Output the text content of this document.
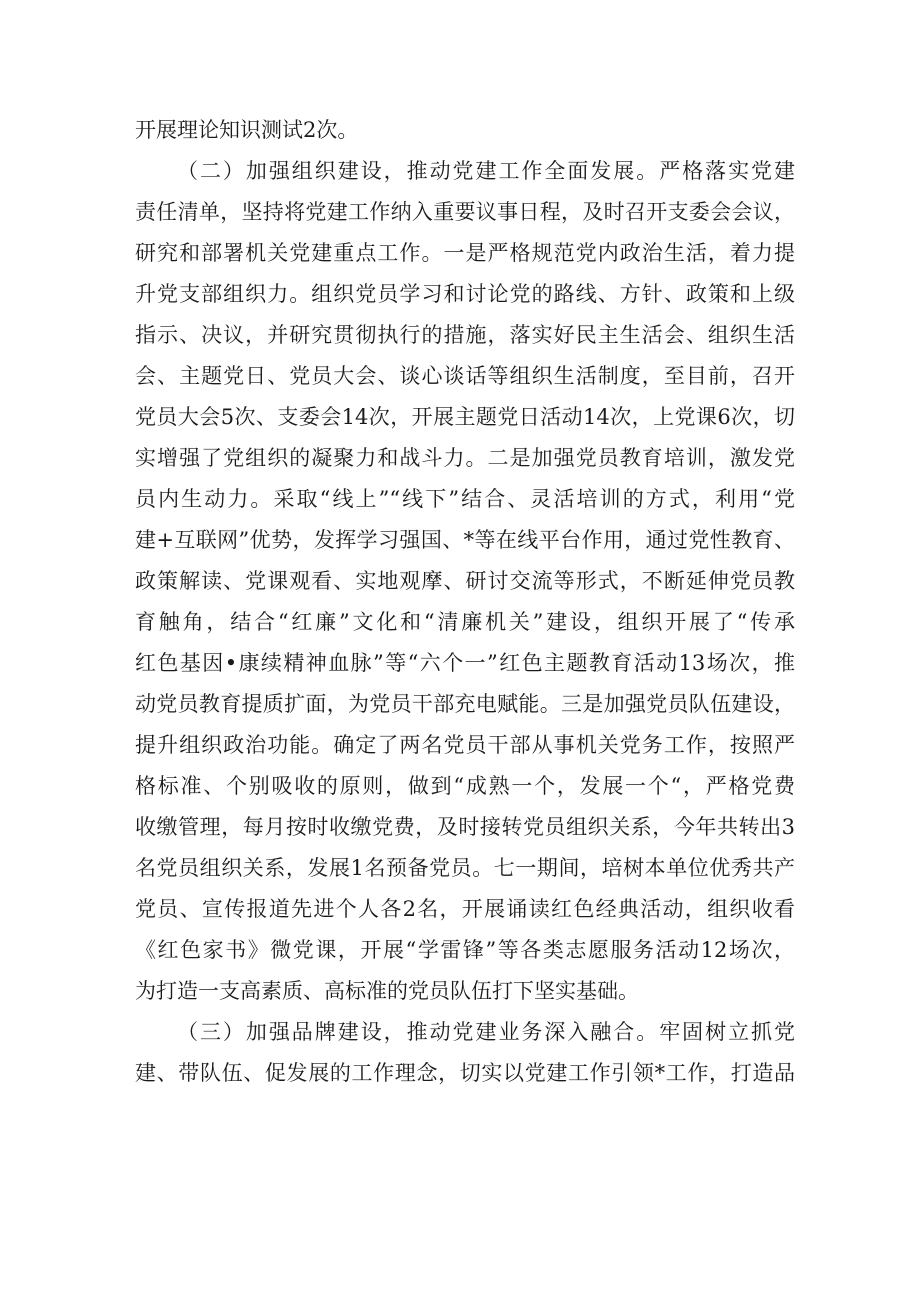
开展理论知识测试2次。
（二）加强组织建设，推动党建工作全面发展。严格落实党建
责任清单，坚持将党建工作纳入重要议事日程，及时召开支委会会议，
研究和部署机关党建重点工作。一是严格规范党内政治生活，着力提
升党支部组织力。组织党员学习和讨论党的路线、方针、政策和上级
指示、决议，并研究贯彻执行的措施，落实好民主生活会、组织生活
会、主题党日、党员大会、谈心谈话等组织生活制度，至目前，召开
党员大会5次、支委会14次，开展主题党日活动14次，上党课6次，切
实增强了党组织的凝聚力和战斗力。二是加强党员教育培训，激发党
员内生动力。采取“线上”“线下”结合、灵活培训的方式，利用“党
建+互联网”优势，发挥学习强国、*等在线平台作用，通过党性教育、
政策解读、党课观看、实地观摩、研讨交流等形式，不断延伸党员教
育触角，结合“红廉”文化和“清廉机关”建设，组织开展了“传承
红色基因•康续精神血脉”等“六个一”红色主题教育活动13场次，推
动党员教育提质扩面，为党员干部充电赋能。三是加强党员队伍建设，
提升组织政治功能。确定了两名党员干部从事机关党务工作，按照严
格标准、个别吸收的原则，做到“成熟一个，发展一个“，严格党费
收缴管理，每月按时收缴党费，及时接转党员组织关系，今年共转出3
名党员组织关系，发展1名预备党员。七一期间，培树本单位优秀共产
党员、宣传报道先进个人各2名，开展诵读红色经典活动，组织收看
《红色家书》微党课，开展“学雷锋”等各类志愿服务活动12场次，
为打造一支高素质、高标准的党员队伍打下坚实基础。
（三）加强品牌建设，推动党建业务深入融合。牢固树立抓党
建、带队伍、促发展的工作理念，切实以党建工作引领*工作，打造品
